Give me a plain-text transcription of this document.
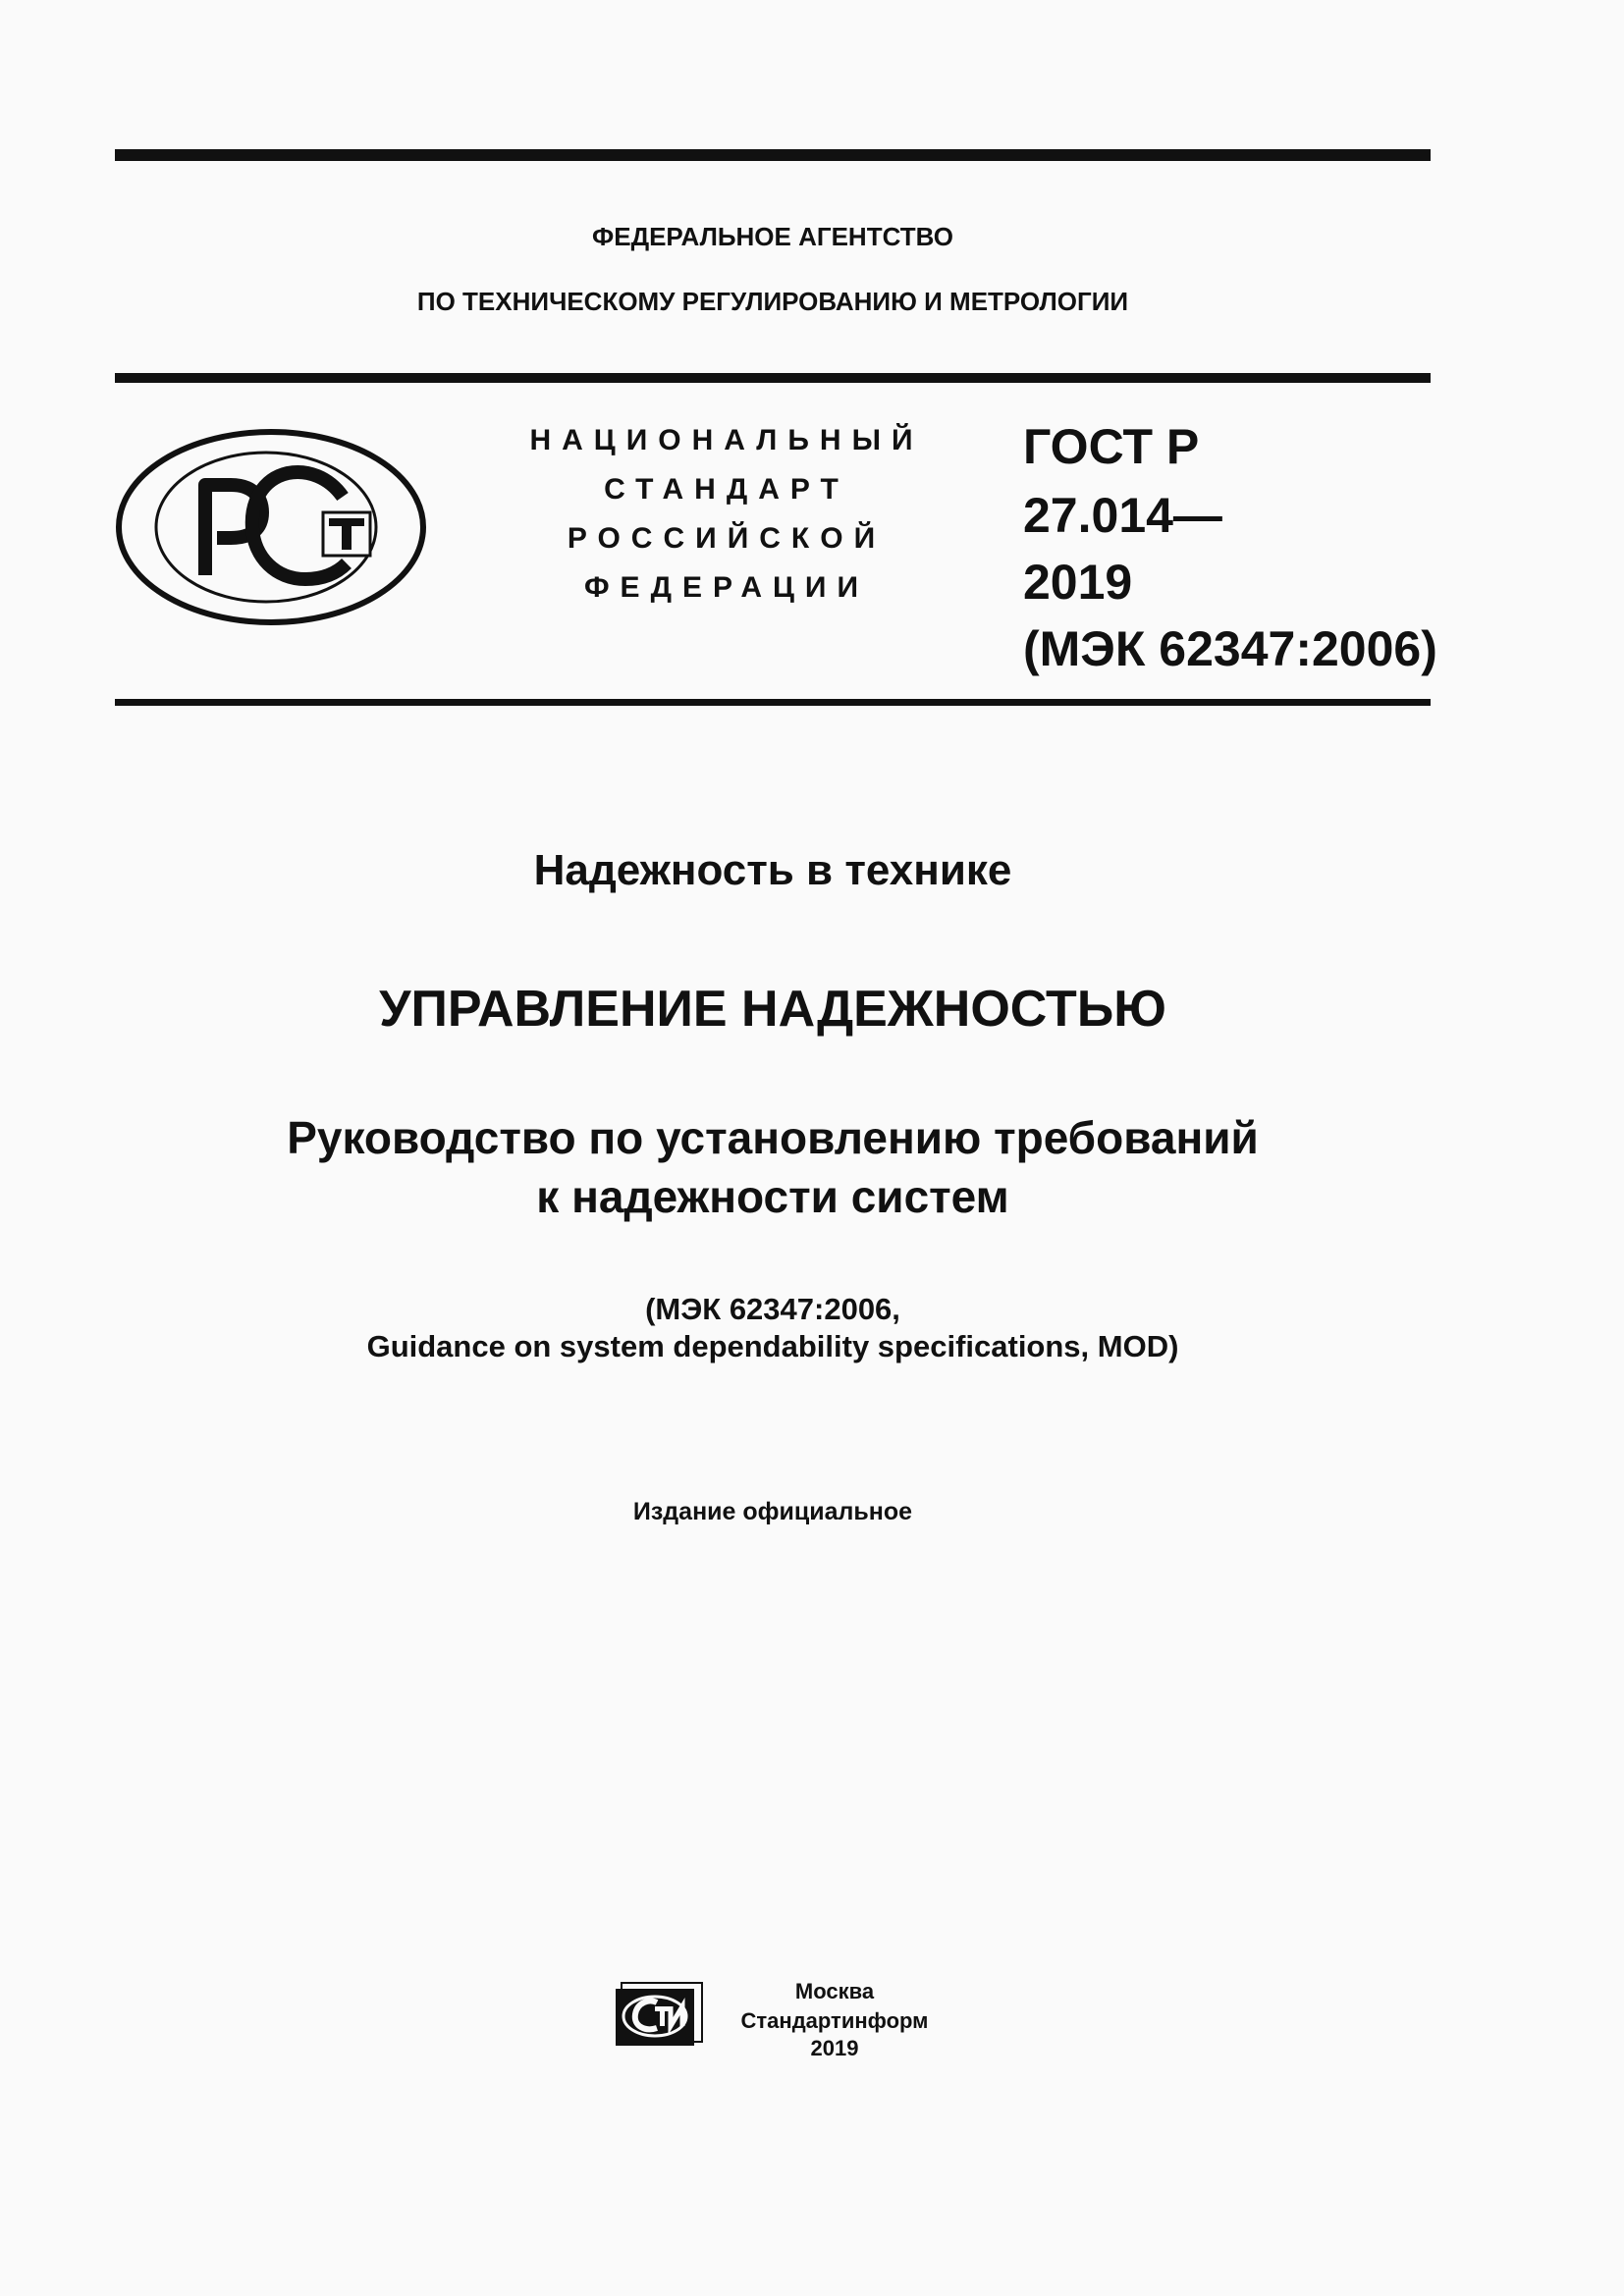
ФЕДЕРАЛЬНОЕ АГЕНТСТВО
ПО ТЕХНИЧЕСКОМУ РЕГУЛИРОВАНИЮ И МЕТРОЛОГИИ
НАЦИОНАЛЬНЫЙ
СТАНДАРТ
РОССИЙСКОЙ
ФЕДЕРАЦИИ
ГОСТ Р
27.014—
2019
(МЭК 62347:2006)
Надежность в технике
УПРАВЛЕНИЕ НАДЕЖНОСТЬЮ
Руководство по установлению требований
к надежности систем
(МЭК 62347:2006,
Guidance on system dependability specifications, MOD)
Издание официальное
Москва
Стандартинформ
2019
